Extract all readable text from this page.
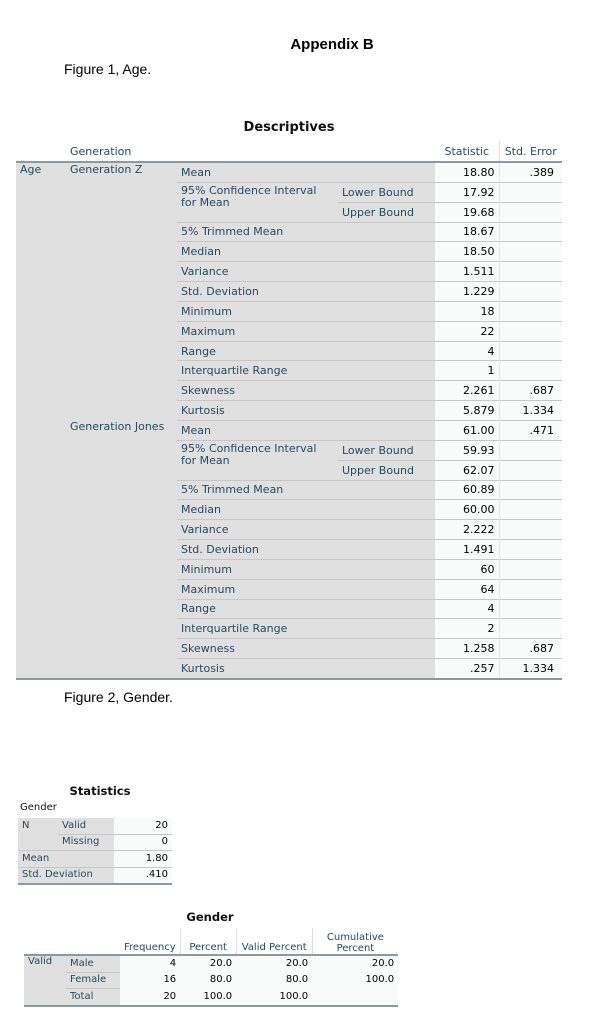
Appendix B
Figure 1, Age.
Descriptives
	Generation			Statistic	Std. Error
Age	Generation Z	Mean		18.80	.389
		95% Confidence Interval for Mean	Lower Bound	17.92	
			Upper Bound	19.68	
		5% Trimmed Mean		18.67	
		Median		18.50	
		Variance		1.511	
		Std. Deviation		1.229	
		Minimum		18	
		Maximum		22	
		Range		4	
		Interquartile Range		1	
		Skewness		2.261	.687
		Kurtosis		5.879	1.334
	Generation Jones	Mean		61.00	.471
		95% Confidence Interval for Mean	Lower Bound	59.93	
			Upper Bound	62.07	
		5% Trimmed Mean		60.89	
		Median		60.00	
		Variance		2.222	
		Std. Deviation		1.491	
		Minimum		60	
		Maximum		64	
		Range		4	
		Interquartile Range		2	
		Skewness		1.258	.687
		Kurtosis		.257	1.334
Figure 2, Gender.
Statistics
Gender
N	Valid	20
	Missing	0
Mean		1.80
Std. Deviation		.410
Gender
		Frequency	Percent	Valid Percent	Cumulative Percent
Valid	Male	4	20.0	20.0	20.0
	Female	16	80.0	80.0	100.0
	Total	20	100.0	100.0	
